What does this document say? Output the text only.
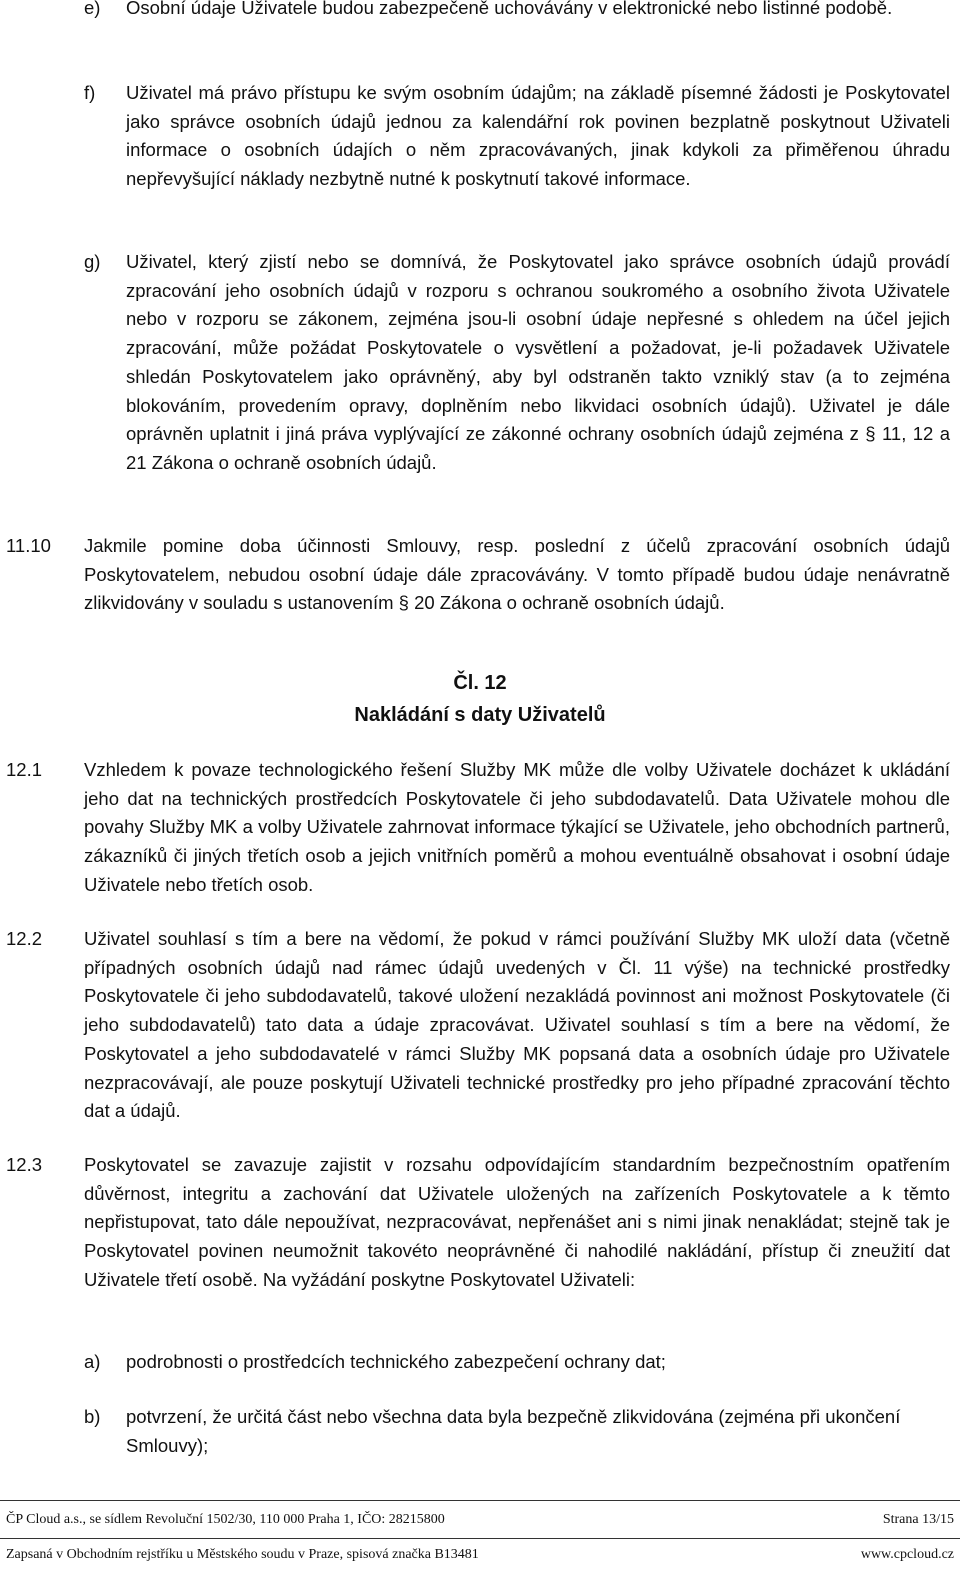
e) Osobní údaje Uživatele budou zabezpečeně uchovávány v elektronické nebo listinné podobě.
f) Uživatel má právo přístupu ke svým osobním údajům; na základě písemné žádosti je Poskytovatel jako správce osobních údajů jednou za kalendářní rok povinen bezplatně poskytnout Uživateli informace o osobních údajích o něm zpracovávaných, jinak kdykoli za přiměřenou úhradu nepřevyšující náklady nezbytně nutné k poskytnutí takové informace.
g) Uživatel, který zjistí nebo se domnívá, že Poskytovatel jako správce osobních údajů provádí zpracování jeho osobních údajů v rozporu s ochranou soukromého a osobního života Uživatele nebo v rozporu se zákonem, zejména jsou-li osobní údaje nepřesné s ohledem na účel jejich zpracování, může požádat Poskytovatele o vysvětlení a požadovat, je-li požadavek Uživatele shledán Poskytovatelem jako oprávněný, aby byl odstraněn takto vzniklý stav (a to zejména blokováním, provedením opravy, doplněním nebo likvidaci osobních údajů). Uživatel je dále oprávněn uplatnit i jiná práva vyplývající ze zákonné ochrany osobních údajů zejména z § 11, 12 a 21 Zákona o ochraně osobních údajů.
11.10 Jakmile pomine doba účinnosti Smlouvy, resp. poslední z účelů zpracování osobních údajů Poskytovatelem, nebudou osobní údaje dále zpracovávány. V tomto případě budou údaje nenávratně zlikvidovány v souladu s ustanovením § 20 Zákona o ochraně osobních údajů.
Čl. 12
Nakládání s daty Uživatelů
12.1 Vzhledem k povaze technologického řešení Služby MK může dle volby Uživatele docházet k ukládání jeho dat na technických prostředcích Poskytovatele či jeho subdodavatelů. Data Uživatele mohou dle povahy Služby MK a volby Uživatele zahrnovat informace týkající se Uživatele, jeho obchodních partnerů, zákazníků či jiných třetích osob a jejich vnitřních poměrů a mohou eventuálně obsahovat i osobní údaje Uživatele nebo třetích osob.
12.2 Uživatel souhlasí s tím a bere na vědomí, že pokud v rámci používání Služby MK uloží data (včetně případných osobních údajů nad rámec údajů uvedených v Čl. 11 výše) na technické prostředky Poskytovatele či jeho subdodavatelů, takové uložení nezakládá povinnost ani možnost Poskytovatele (či jeho subdodavatelů) tato data a údaje zpracovávat. Uživatel souhlasí s tím a bere na vědomí, že Poskytovatel a jeho subdodavatelé v rámci Služby MK popsaná data a osobních údaje pro Uživatele nezpracovávají, ale pouze poskytují Uživateli technické prostředky pro jeho případné zpracování těchto dat a údajů.
12.3 Poskytovatel se zavazuje zajistit v rozsahu odpovídajícím standardním bezpečnostním opatřením důvěrnost, integritu a zachování dat Uživatele uložených na zařízeních Poskytovatele a k těmto nepřistupovat, tato dále nepoužívat, nezpracovávat, nepřenášet ani s nimi jinak nenakládat; stejně tak je Poskytovatel povinen neumožnit takovéto neoprávněné či nahodilé nakládání, přístup či zneužití dat Uživatele třetí osobě. Na vyžádání poskytne Poskytovatel Uživateli:
a) podrobnosti o prostředcích technického zabezpečení ochrany dat;
b) potvrzení, že určitá část nebo všechna data byla bezpečně zlikvidována (zejména při ukončení Smlouvy);
ČP Cloud a.s., se sídlem Revoluční 1502/30, 110 000 Praha 1, IČO: 28215800	Strana 13/15
Zapsaná v Obchodním rejstříku u Městského soudu v Praze, spisová značka B13481	www.cpcloud.cz
